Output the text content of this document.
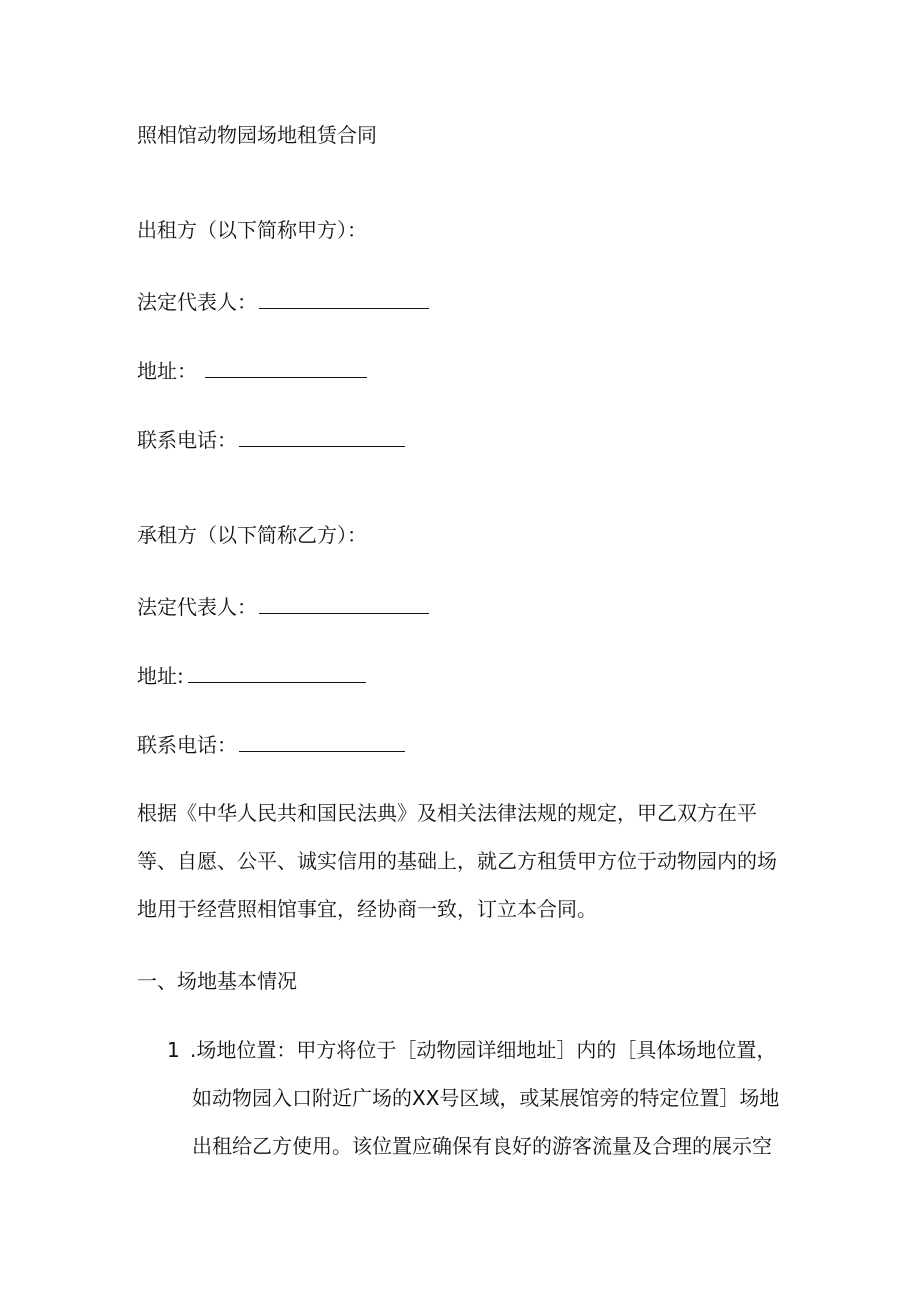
照相馆动物园场地租赁合同
出租方（以下简称甲方）：
法定代表人：
地址：
联系电话：
承租方（以下简称乙方）：
法定代表人：
地址:
联系电话：

根据《中华人民共和国民法典》及相关法律法规的规定，甲乙双方在平

等、自愿、公平、诚实信用的基础上，就乙方租赁甲方位于动物园内的场

地用于经营照相馆事宜，经协商一致，订立本合同。

一、场地基本情况
1 .场地位置：甲方将位于［动物园详细地址］内的［具体场地位置，

如动物园入口附近广场的XX号区域，或某展馆旁的特定位置］场地

出租给乙方使用。该位置应确保有良好的游客流量及合理的展示空
